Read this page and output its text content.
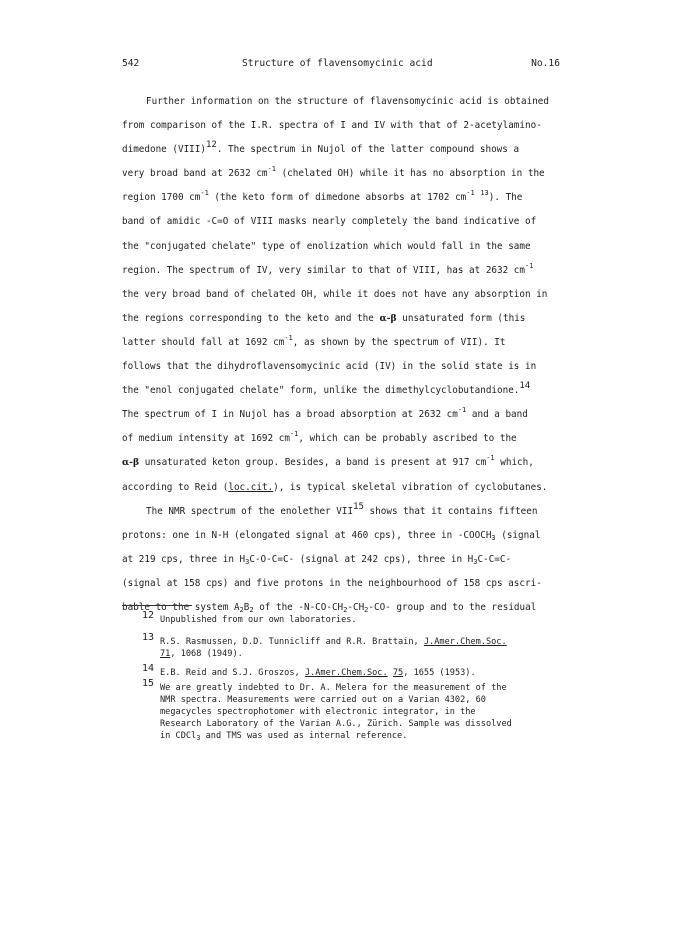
542	Structure of flavensomycinic acid	No.16
Further information on the structure of flavensomycinic acid is obtained
from comparison of the I.R. spectra of I and IV with that of 2-acetylamino-
dimedone (VIII)$^{12}$. The spectrum in Nujol of the latter compound shows a
very broad band at 2632 $cm^{-1}$ (chelated OH) while it has no absorption in the
region 1700 $cm^{-1}$ (the keto form of dimedone absorbs at 1702 $cm^{-1}$ $^{13}$). The
band of amidic -C=O of VIII masks nearly completely the band indicative of
the "conjugated chelate" type of enolization which would fall in the same
region. The spectrum of IV, very similar to that of VIII, has at 2632 $cm^{-1}$
the very broad band of chelated OH, while it does not have any absorption in
the regions corresponding to the keto and the α-β unsaturated form (this
latter should fall at 1692 $cm^{-1}$, as shown by the spectrum of VII). It
follows that the dihydroflavensomycinic acid (IV) in the solid state is in
the "enol conjugated chelate" form, unlike the dimethylcyclobutandione.$^{14}$
The spectrum of I in Nujol has a broad absorption at 2632 $cm^{-1}$ and a band
of medium intensity at 1692 $cm^{-1}$, which can be probably ascribed to the
α-β unsaturated keton group. Besides, a band is present at 917 $cm^{-1}$ which,
according to Reid (loc.cit.), is typical skeletal vibration of cyclobutanes.
The NMR spectrum of the enolether VII$^{15}$ shows that it contains fifteen
protons: one in N-H (elongated signal at 460 cps), three in $-COOCH_3$ (signal
at 219 cps, three in $H_3C-O-C=C-$ (signal at 242 cps), three in $H_3C-C=C-$
(signal at 158 cps) and five protons in the neighbourhood of 158 cps ascri-
bable to the system $A_2B_2$ of the $-N-CO-CH_2-CH_2-CO-$ group and to the residual
12 Unpublished from our own laboratories.
13 R.S. Rasmussen, D.D. Tunnicliff and R.R. Brattain, J.Amer.Chem.Soc.
71, 1068 (1949).
14 E.B. Reid and S.J. Groszos, J.Amer.Chem.Soc. 75, 1655 (1953).
15 We are greatly indebted to Dr. A. Melera for the measurement of the
NMR spectra. Measurements were carried out on a Varian 4302, 60
megacycles spectrophotomer with electronic integrator, in the
Research Laboratory of the Varian A.G., Zürich. Sample was dissolved
in CDCl$_3$ and TMS was used as internal reference.
